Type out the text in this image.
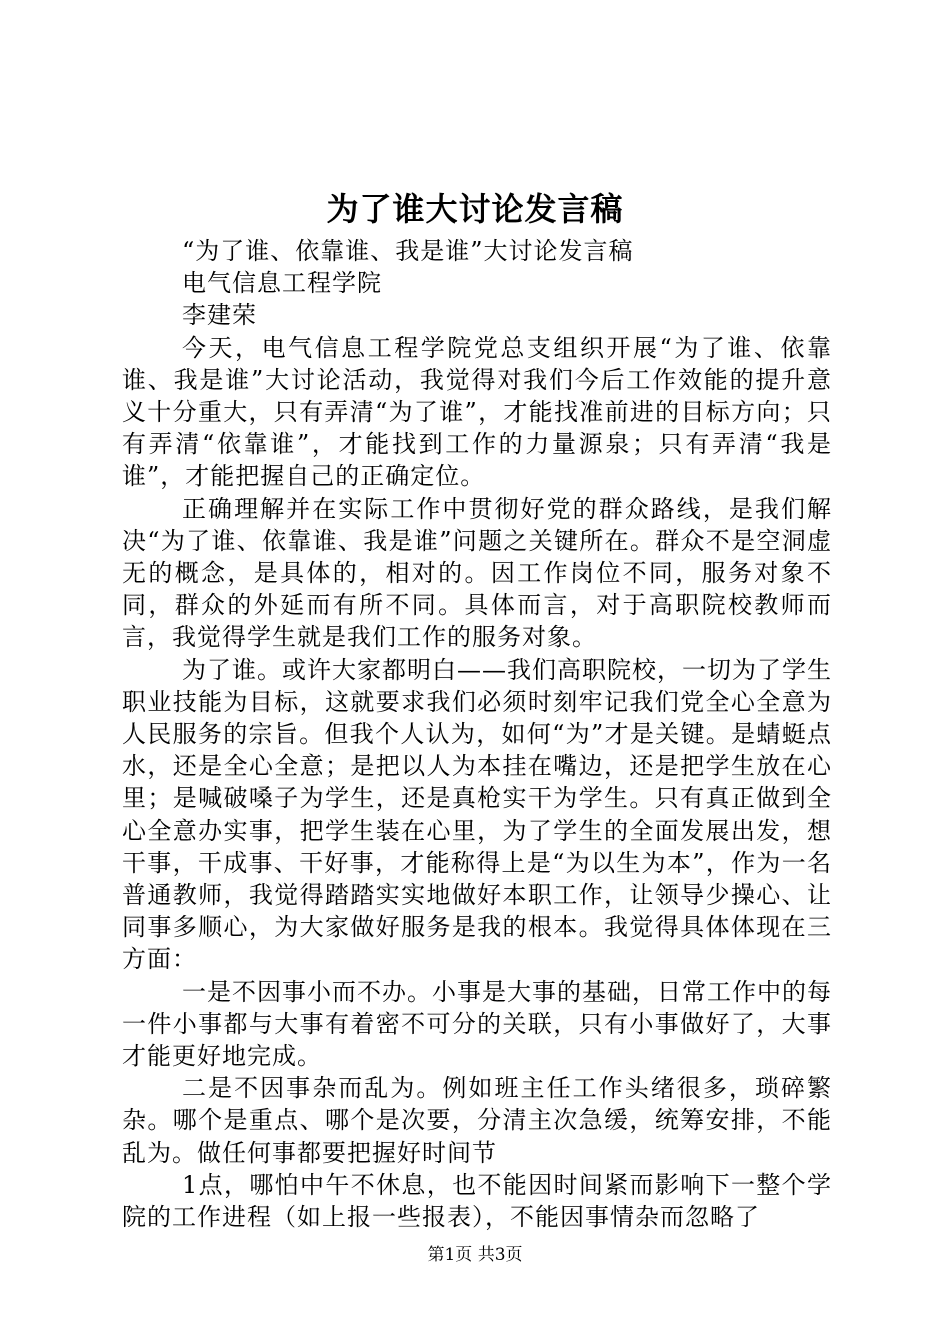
为了谁大讨论发言稿

“为了谁、依靠谁、我是谁”大讨论发言稿

电气信息工程学院

李建荣

今天，电气信息工程学院党总支组织开展“为了谁、依靠谁、我是谁”大讨论活动，我觉得对我们今后工作效能的提升意义十分重大，只有弄清“为了谁”，才能找准前进的目标方向；只有弄清“依靠谁”，才能找到工作的力量源泉；只有弄清“我是谁”，才能把握自己的正确定位。

正确理解并在实际工作中贯彻好党的群众路线，是我们解决“为了谁、依靠谁、我是谁”问题之关键所在。群众不是空洞虚无的概念，是具体的，相对的。因工作岗位不同，服务对象不同，群众的外延而有所不同。具体而言，对于高职院校教师而言，我觉得学生就是我们工作的服务对象。

为了谁。或许大家都明白——我们高职院校，一切为了学生职业技能为目标，这就要求我们必须时刻牢记我们党全心全意为人民服务的宗旨。但我个人认为，如何“为”才是关键。是蜻蜓点水，还是全心全意；是把以人为本挂在嘴边，还是把学生放在心里；是喊破嗓子为学生，还是真枪实干为学生。只有真正做到全心全意办实事，把学生装在心里，为了学生的全面发展出发，想干事，干成事、干好事，才能称得上是“为以生为本”，作为一名普通教师，我觉得踏踏实实地做好本职工作，让领导少操心、让同事多顺心，为大家做好服务是我的根本。我觉得具体体现在三方面：

一是不因事小而不办。小事是大事的基础，日常工作中的每一件小事都与大事有着密不可分的关联，只有小事做好了，大事才能更好地完成。

二是不因事杂而乱为。例如班主任工作头绪很多，琐碎繁杂。哪个是重点、哪个是次要，分清主次急缓，统筹安排，不能乱为。做任何事都要把握好时间节

1点，哪怕中午不休息，也不能因时间紧而影响下一整个学院的工作进程（如上报一些报表），不能因事情杂而忽略了

第1页 共3页
